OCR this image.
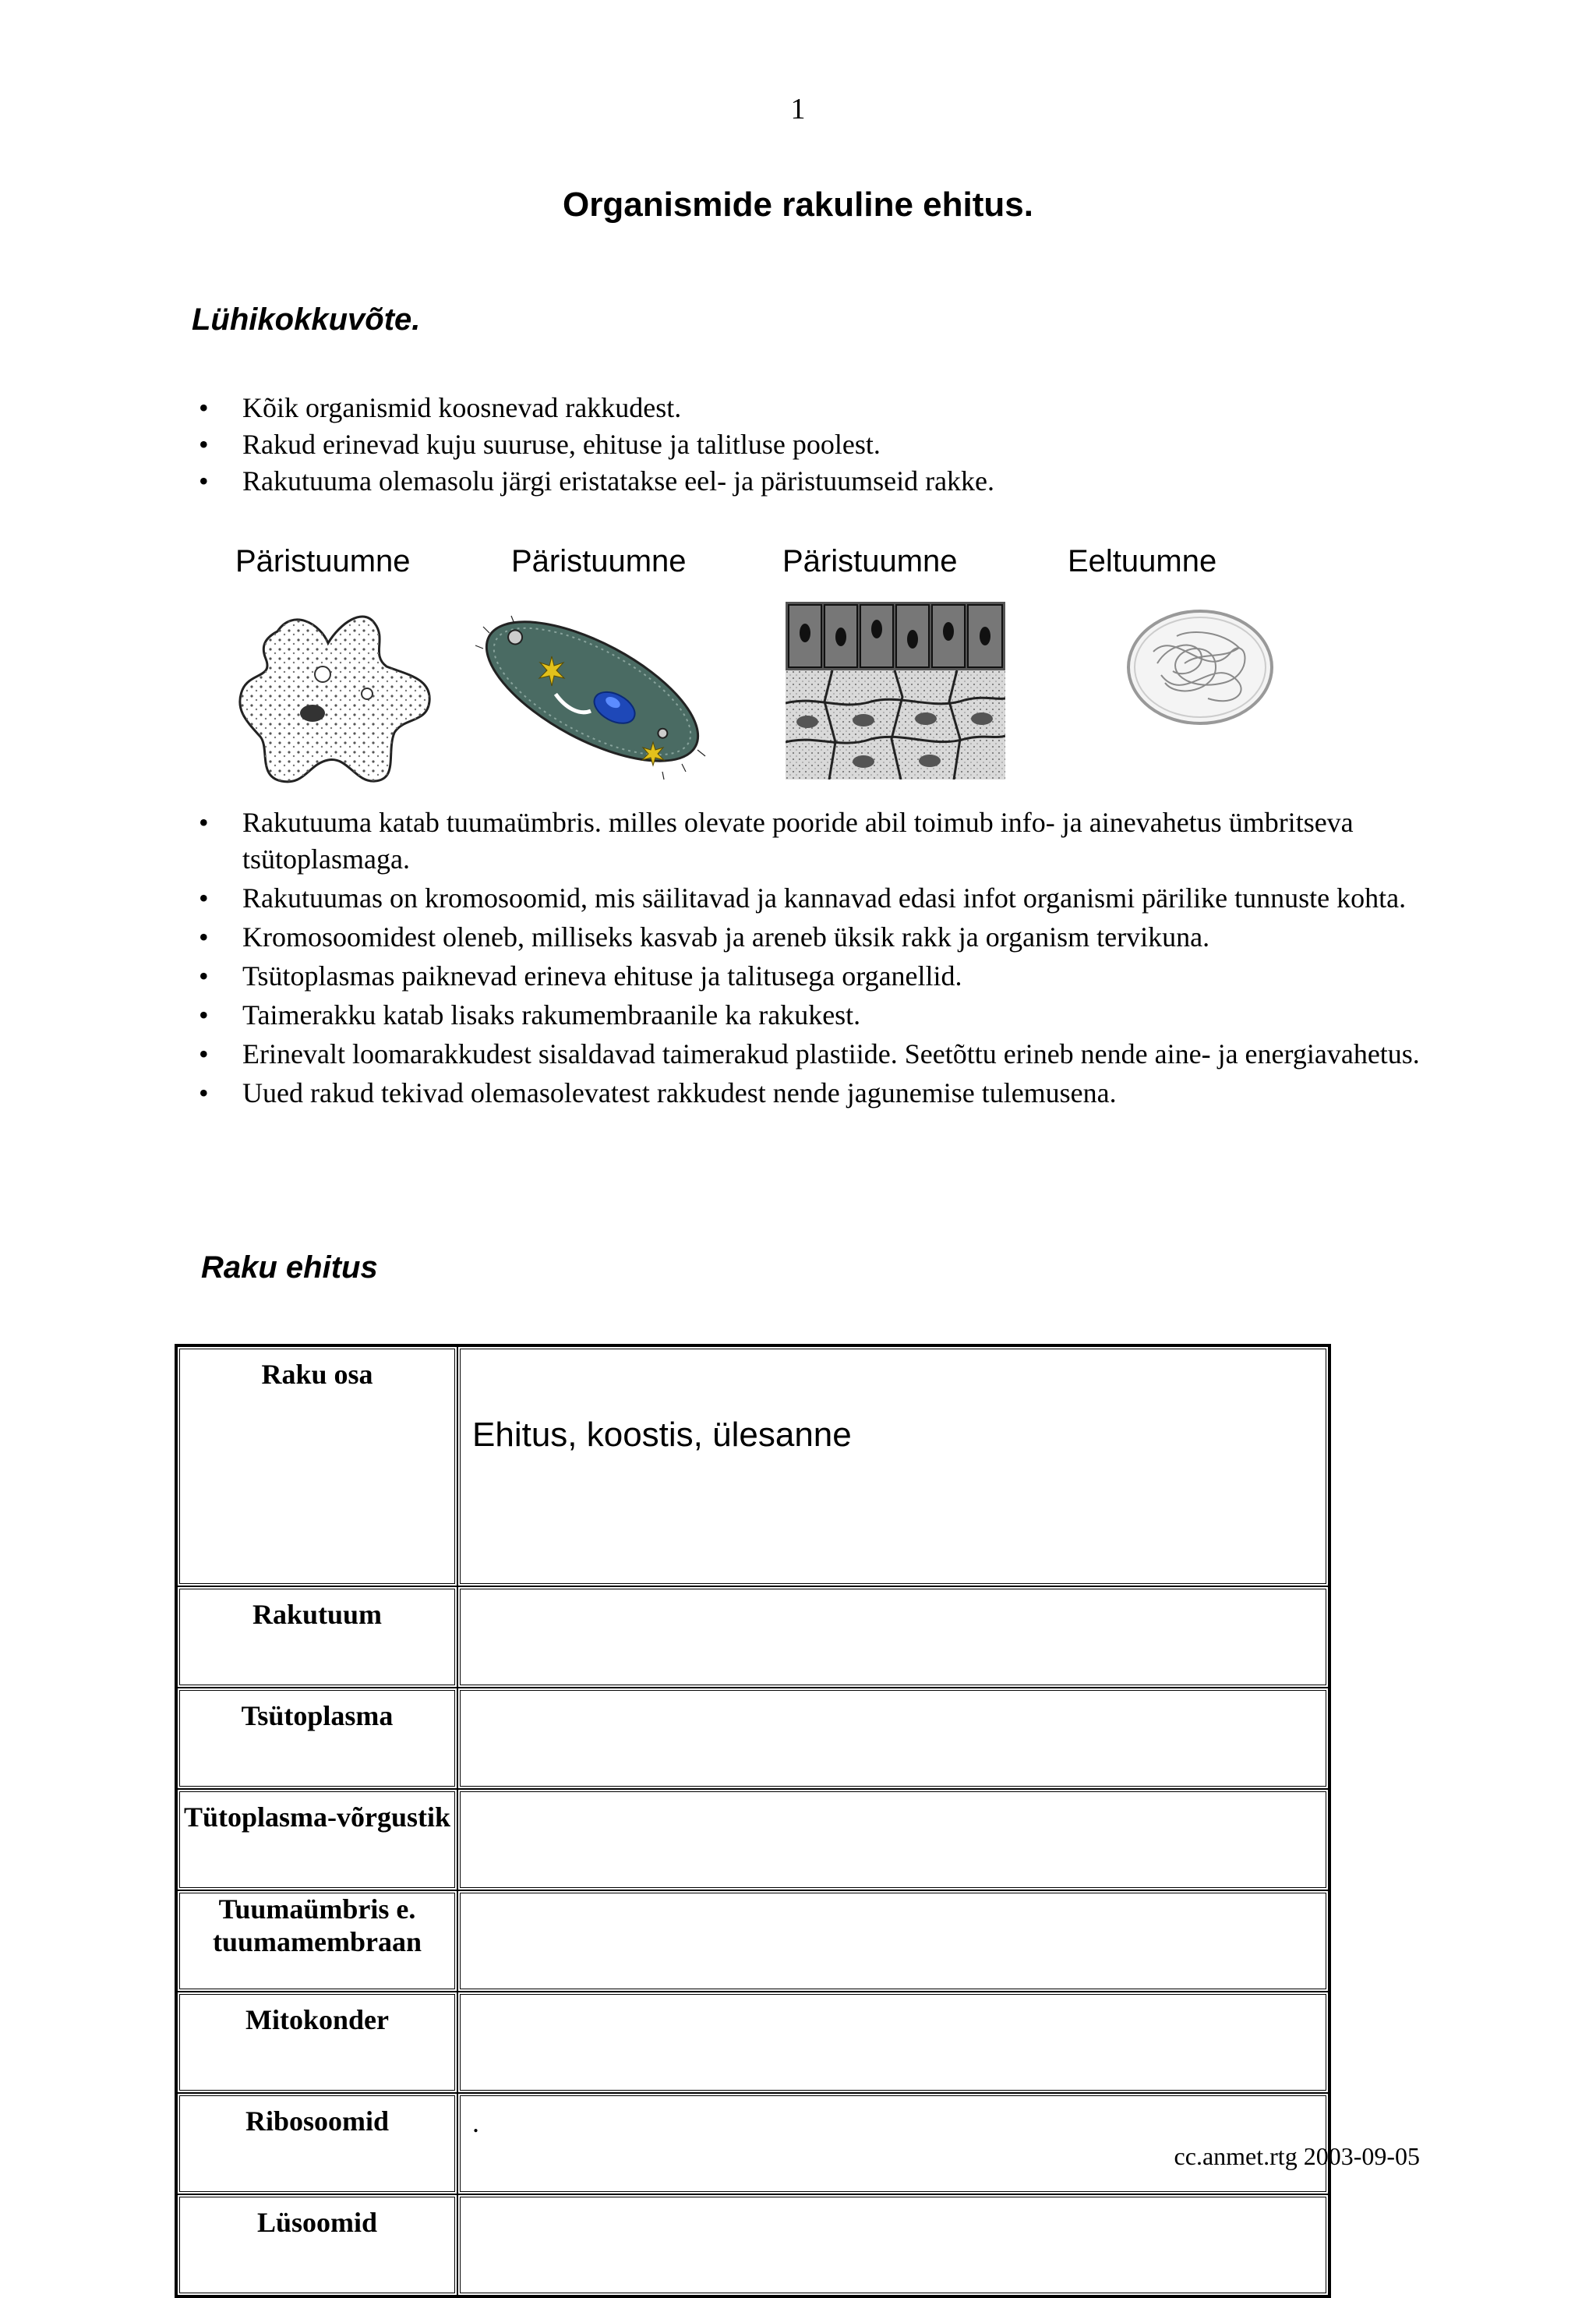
1
Organismide rakuline ehitus.
Lühikokkuvõte.
• Kõik organismid koosnevad rakkudest.
• Rakud erinevad kuju suuruse, ehituse ja talitluse poolest.
• Rakutuuma olemasolu järgi eristatakse eel- ja päristuumseid rakke.
Päristuumne	Päristuumne	Päristuumne	Eeltuumne
• Rakutuuma katab tuumaümbris. milles olevate pooride abil toimub info- ja ainevahetus ümbritseva tsütoplasmaga.
• Rakutuumas on kromosoomid, mis säilitavad ja kannavad edasi infot organismi pärilike tunnuste kohta.
• Kromosoomidest oleneb, milliseks kasvab ja areneb üksik rakk ja organism tervikuna.
• Tsütoplasmas paiknevad erineva ehituse ja talitusega organellid.
• Taimerakku katab lisaks rakumembraanile ka rakukest.
• Erinevalt loomarakkudest sisaldavad taimerakud plastiide. Seetõttu erineb nende aine- ja energiavahetus.
• Uued rakud tekivad olemasolevatest rakkudest nende jagunemise tulemusena.
Raku ehitus
Raku osa	Ehitus, koostis, ülesanne
Rakutuum	
Tsütoplasma	
Tütoplasma-võrgustik	
Tuumaümbris e. tuumamembraan	
Mitokonder	
Ribosoomid	.
Lüsoomid	
cc.anmet.rtg 2003-09-05
